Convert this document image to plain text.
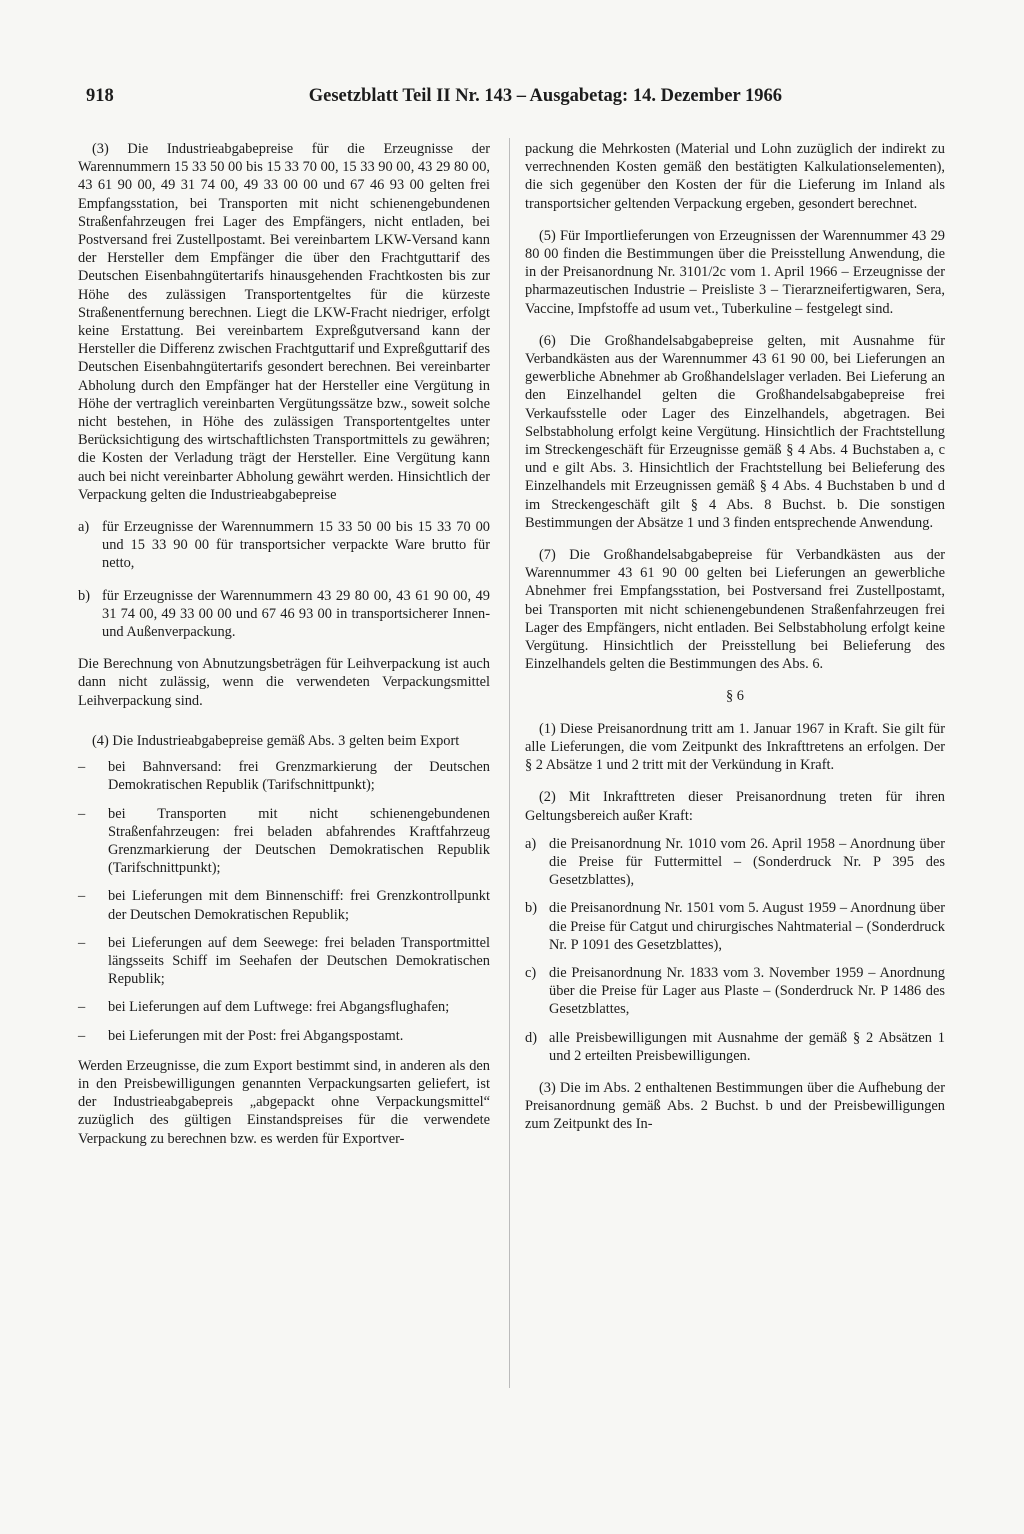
918	Gesetzblatt Teil II Nr. 143 – Ausgabetag: 14. Dezember 1966

(3) Die Industrieabgabepreise für die Erzeugnisse der Warennummern 15 33 50 00 bis 15 33 70 00, 15 33 90 00, 43 29 80 00, 43 61 90 00, 49 31 74 00, 49 33 00 00 und 67 46 93 00 gelten frei Empfangsstation, bei Transporten mit nicht schienengebundenen Straßenfahrzeugen frei Lager des Empfängers, nicht entladen, bei Postversand frei Zustellpostamt. Bei vereinbartem LKW-Versand kann der Hersteller dem Empfänger die über den Frachtguttarif des Deutschen Eisenbahngütertarifs hinausgehenden Frachtkosten bis zur Höhe des zulässigen Transportentgeltes für die kürzeste Straßenentfernung berechnen. Liegt die LKW-Fracht niedriger, erfolgt keine Erstattung. Bei vereinbartem Expreßgutversand kann der Hersteller die Differenz zwischen Frachtguttarif und Expreßguttarif des Deutschen Eisenbahngütertarifs gesondert berechnen. Bei vereinbarter Abholung durch den Empfänger hat der Hersteller eine Vergütung in Höhe der vertraglich vereinbarten Vergütungssätze bzw., soweit solche nicht bestehen, in Höhe des zulässigen Transportentgeltes unter Berücksichtigung des wirtschaftlichsten Transportmittels zu gewähren; die Kosten der Verladung trägt der Hersteller. Eine Vergütung kann auch bei nicht vereinbarter Abholung gewährt werden. Hinsichtlich der Verpackung gelten die Industrieabgabepreise

a) für Erzeugnisse der Warennummern 15 33 50 00 bis 15 33 70 00 und 15 33 90 00 für transportsicher verpackte Ware brutto für netto,
b) für Erzeugnisse der Warennummern 43 29 80 00, 43 61 90 00, 49 31 74 00, 49 33 00 00 und 67 46 93 00 in transportsicherer Innen- und Außenverpackung.

Die Berechnung von Abnutzungsbeträgen für Leihverpackung ist auch dann nicht zulässig, wenn die verwendeten Verpackungsmittel Leihverpackung sind.

(4) Die Industrieabgabepreise gemäß Abs. 3 gelten beim Export

–	bei Bahnversand: frei Grenzmarkierung der Deutschen Demokratischen Republik (Tarifschnittpunkt);
–	bei Transporten mit nicht schienengebundenen Straßenfahrzeugen: frei beladen abfahrendes Kraftfahrzeug Grenzmarkierung der Deutschen Demokratischen Republik (Tarifschnittpunkt);
–	bei Lieferungen mit dem Binnenschiff: frei Grenzkontrollpunkt der Deutschen Demokratischen Republik;
–	bei Lieferungen auf dem Seewege: frei beladen Transportmittel längsseits Schiff im Seehafen der Deutschen Demokratischen Republik;
–	bei Lieferungen auf dem Luftwege: frei Abgangsflughafen;
–	bei Lieferungen mit der Post: frei Abgangspostamt.

Werden Erzeugnisse, die zum Export bestimmt sind, in anderen als den in den Preisbewilligungen genannten Verpackungsarten geliefert, ist der Industrieabgabepreis „abgepackt ohne Verpackungsmittel“ zuzüglich des gültigen Einstandspreises für die verwendete Verpackung zu berechnen bzw. es werden für Exportver-

packung die Mehrkosten (Material und Lohn zuzüglich der indirekt zu verrechnenden Kosten gemäß den bestätigten Kalkulationselementen), die sich gegenüber den Kosten der für die Lieferung im Inland als transportsicher geltenden Verpackung ergeben, gesondert berechnet.

(5) Für Importlieferungen von Erzeugnissen der Warennummer 43 29 80 00 finden die Bestimmungen über die Preisstellung Anwendung, die in der Preisanordnung Nr. 3101/2c vom 1. April 1966 – Erzeugnisse der pharmazeutischen Industrie – Preisliste 3 – Tierarzneifertigwaren, Sera, Vaccine, Impfstoffe ad usum vet., Tuberkuline – festgelegt sind.

(6) Die Großhandelsabgabepreise gelten, mit Ausnahme für Verbandkästen aus der Warennummer 43 61 90 00, bei Lieferungen an gewerbliche Abnehmer ab Großhandelslager verladen. Bei Lieferung an den Einzelhandel gelten die Großhandelsabgabepreise frei Verkaufsstelle oder Lager des Einzelhandels, abgetragen. Bei Selbstabholung erfolgt keine Vergütung. Hinsichtlich der Frachtstellung im Streckengeschäft für Erzeugnisse gemäß § 4 Abs. 4 Buchstaben a, c und e gilt Abs. 3. Hinsichtlich der Frachtstellung bei Belieferung des Einzelhandels mit Erzeugnissen gemäß § 4 Abs. 4 Buchstaben b und d im Streckengeschäft gilt § 4 Abs. 8 Buchst. b. Die sonstigen Bestimmungen der Absätze 1 und 3 finden entsprechende Anwendung.

(7) Die Großhandelsabgabepreise für Verbandkästen aus der Warennummer 43 61 90 00 gelten bei Lieferungen an gewerbliche Abnehmer frei Empfangsstation, bei Postversand frei Zustellpostamt, bei Transporten mit nicht schienengebundenen Straßenfahrzeugen frei Lager des Empfängers, nicht entladen. Bei Selbstabholung erfolgt keine Vergütung. Hinsichtlich der Preisstellung bei Belieferung des Einzelhandels gelten die Bestimmungen des Abs. 6.

§ 6

(1) Diese Preisanordnung tritt am 1. Januar 1967 in Kraft. Sie gilt für alle Lieferungen, die vom Zeitpunkt des Inkrafttretens an erfolgen. Der § 2 Absätze 1 und 2 tritt mit der Verkündung in Kraft.

(2) Mit Inkrafttreten dieser Preisanordnung treten für ihren Geltungsbereich außer Kraft:

a) die Preisanordnung Nr. 1010 vom 26. April 1958 – Anordnung über die Preise für Futtermittel – (Sonderdruck Nr. P 395 des Gesetzblattes),
b) die Preisanordnung Nr. 1501 vom 5. August 1959 – Anordnung über die Preise für Catgut und chirurgisches Nahtmaterial – (Sonderdruck Nr. P 1091 des Gesetzblattes),
c) die Preisanordnung Nr. 1833 vom 3. November 1959 – Anordnung über die Preise für Lager aus Plaste – (Sonderdruck Nr. P 1486 des Gesetzblattes,
d) alle Preisbewilligungen mit Ausnahme der gemäß § 2 Absätzen 1 und 2 erteilten Preisbewilligungen.

(3) Die im Abs. 2 enthaltenen Bestimmungen über die Aufhebung der Preisanordnung gemäß Abs. 2 Buchst. b und der Preisbewilligungen zum Zeitpunkt des In-
